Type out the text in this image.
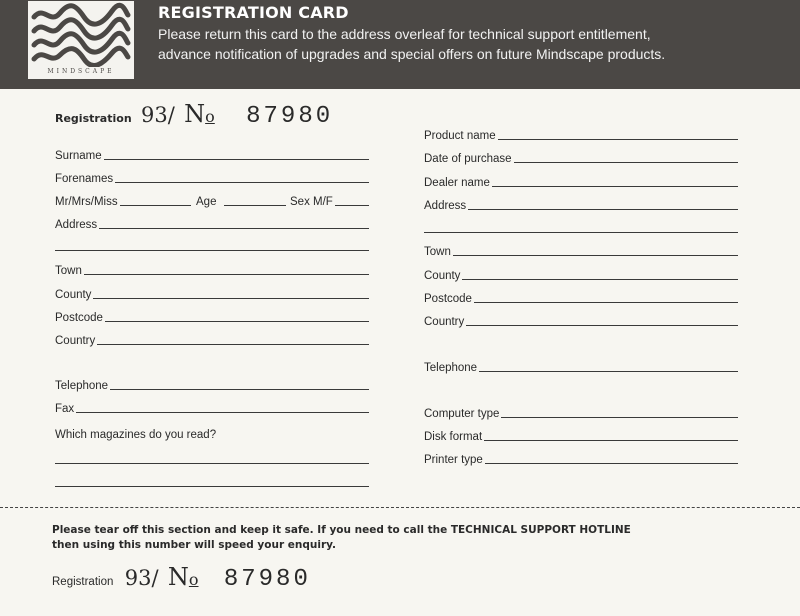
MINDSCAPE
REGISTRATION CARD
Please return this card to the address overleaf for technical support entitlement,
advance notification of upgrades and special offers on future Mindscape products.
Registration 93/ No 87980
Surname
Forenames
Mr/Mrs/Miss	Age	Sex M/F
Address
Town
County
Postcode
Country
Telephone
Fax
Which magazines do you read?
Product name
Date of purchase
Dealer name
Address
Town
County
Postcode
Country
Telephone
Computer type
Disk format
Printer type
Please tear off this section and keep it safe. If you need to call the TECHNICAL SUPPORT HOTLINE
then using this number will speed your enquiry.
Registration 93/ No 87980
